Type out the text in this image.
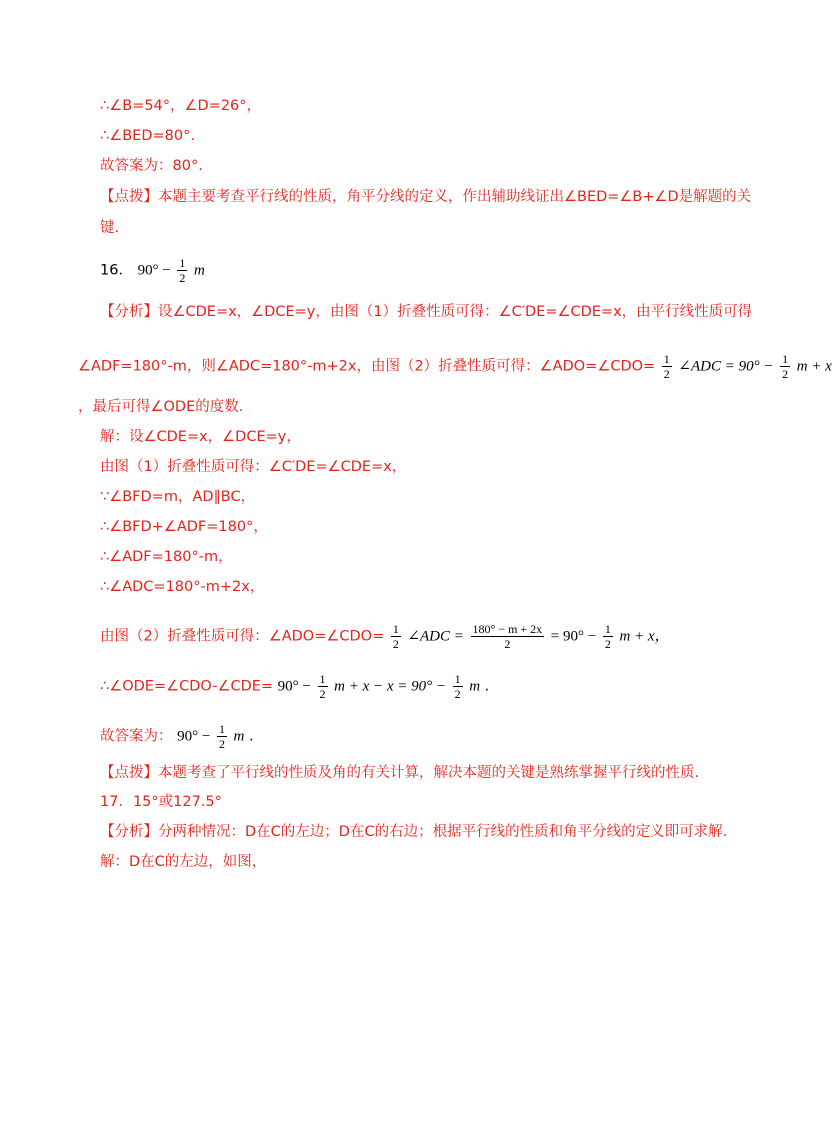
∴∠B=54°，∠D=26°，
∴∠BED=80°.
故答案为：80°.
【点拨】本题主要考查平行线的性质，角平分线的定义，作出辅助线证出∠BED=∠B+∠D是解题的关
键.
16． $90^\circ - \frac{1}{2}$ m
【分析】设∠CDE=x，∠DCE=y，由图（1）折叠性质可得：∠C′DE=∠CDE=x，由平行线性质可得
∠ADF=180°-m，则∠ADC=180°-m+2x，由图（2）折叠性质可得：∠ADO=∠CDO= $\frac{1}{2}$ ∠ADC = $90^\circ - \frac{1}{2}$ m + x
，最后可得∠ODE的度数.
解：设∠CDE=x，∠DCE=y，
由图（1）折叠性质可得：∠C′DE=∠CDE=x，
∵∠BFD=m，AD∥BC，
∴∠BFD+∠ADF=180°，
∴∠ADF=180°-m，
∴∠ADC=180°-m+2x，
由图（2）折叠性质可得：∠ADO=∠CDO= $\frac{1}{2}$ ∠ADC = $\frac{180^\circ - m + 2x}{2} = 90^\circ - \frac{1}{2}$ m + x，
∴∠ODE=∠CDO-∠CDE= $90^\circ - \frac{1}{2}$ $m + x - x = 90^\circ - \frac{1}{2}$ m .
故答案为： $90^\circ - \frac{1}{2}$ m .
【点拨】本题考查了平行线的性质及角的有关计算，解决本题的关键是熟练掌握平行线的性质.
17．15°或127.5°
【分析】分两种情况：D在C的左边；D在C的右边；根据平行线的性质和角平分线的定义即可求解.
解：D在C的左边，如图，
